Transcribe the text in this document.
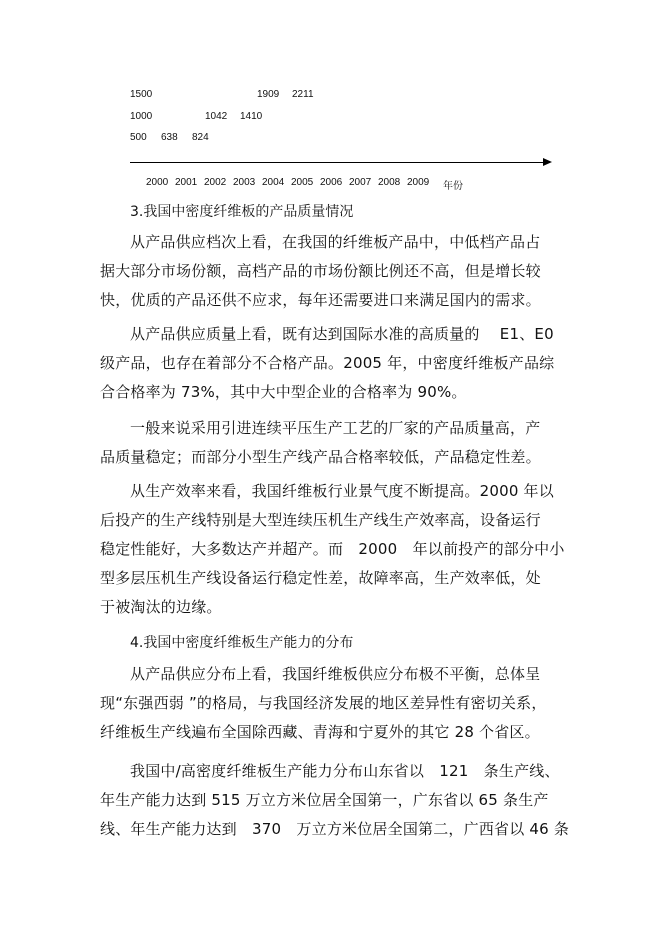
1500	1909 2211
1000	1042 1410
500 638 824
2000 2001 2002 2003 2004 2005 2006 2007 2008 2009 年份
3.我国中密度纤维板的产品质量情况
从产品供应档次上看，在我国的纤维板产品中，中低档产品占
据大部分市场份额，高档产品的市场份额比例还不高，但是增长较
快，优质的产品还供不应求，每年还需要进口来满足国内的需求。
从产品供应质量上看，既有达到国际水准的高质量的　 E1、E0
级产品，也存在着部分不合格产品。2005 年，中密度纤维板产品综
合合格率为 73%，其中大中型企业的合格率为 90%。
一般来说采用引进连续平压生产工艺的厂家的产品质量高，产
品质量稳定；而部分小型生产线产品合格率较低，产品稳定性差。
从生产效率来看，我国纤维板行业景气度不断提高。2000 年以
后投产的生产线特别是大型连续压机生产线生产效率高，设备运行
稳定性能好，大多数达产并超产。而　2000　年以前投产的部分中小
型多层压机生产线设备运行稳定性差，故障率高，生产效率低，处
于被淘汰的边缘。
4.我国中密度纤维板生产能力的分布
从产品供应分布上看，我国纤维板供应分布极不平衡，总体呈
现“东强西弱 ”的格局，与我国经济发展的地区差异性有密切关系，
纤维板生产线遍布全国除西藏、青海和宁夏外的其它 28 个省区。
我国中/高密度纤维板生产能力分布山东省以　121　条生产线、
年生产能力达到 515 万立方米位居全国第一，广东省以 65 条生产
线、年生产能力达到　370　万立方米位居全国第二，广西省以 46 条
